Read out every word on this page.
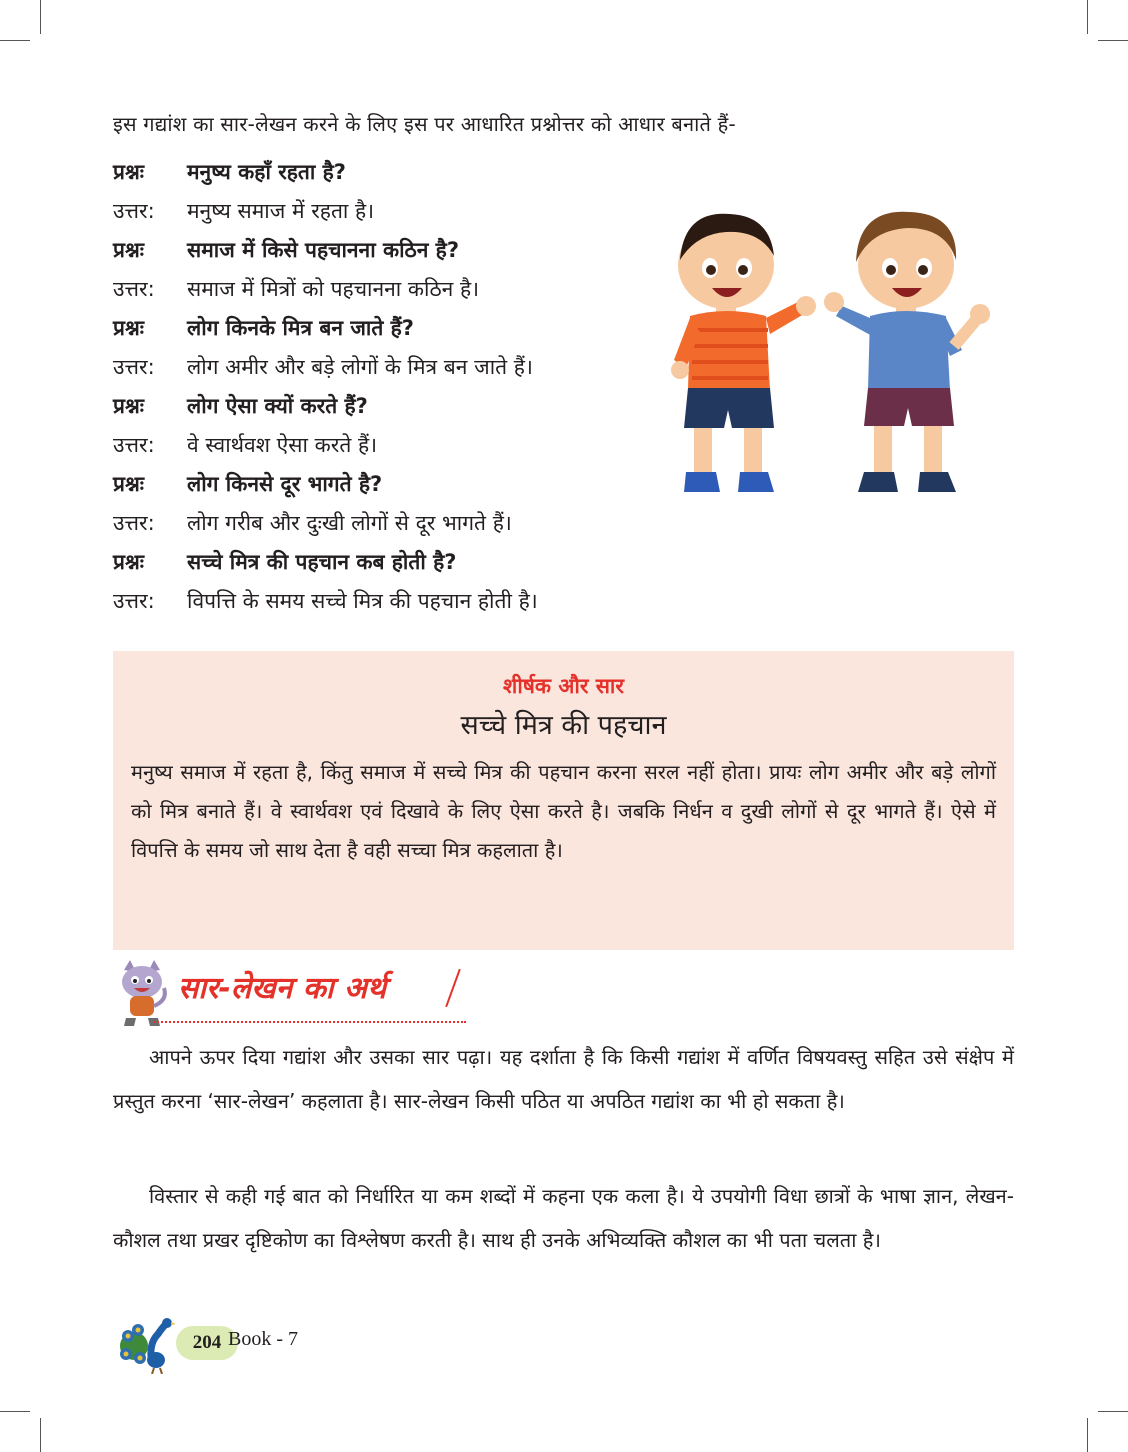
इस गद्यांश का सार-लेखन करने के लिए इस पर आधारित प्रश्नोत्तर को आधार बनाते हैं-
प्रश्नः	मनुष्य कहाँ रहता है?
उत्तर:	मनुष्य समाज में रहता है।
प्रश्नः	समाज में किसे पहचानना कठिन है?
उत्तर:	समाज में मित्रों को पहचानना कठिन है।
प्रश्नः	लोग किनके मित्र बन जाते हैं?
उत्तर:	लोग अमीर और बड़े लोगों के मित्र बन जाते हैं।
प्रश्नः	लोग ऐसा क्यों करते हैं?
उत्तर:	वे स्वार्थवश ऐसा करते हैं।
प्रश्नः	लोग किनसे दूर भागते है?
उत्तर:	लोग गरीब और दुःखी लोगों से दूर भागते हैं।
प्रश्नः	सच्चे मित्र की पहचान कब होती है?
उत्तर:	विपत्ति के समय सच्चे मित्र की पहचान होती है।
शीर्षक और सार
सच्चे मित्र की पहचान
मनुष्य समाज में रहता है, किंतु समाज में सच्चे मित्र की पहचान करना सरल नहीं होता। प्रायः लोग अमीर और बड़े लोगों को मित्र बनाते हैं। वे स्वार्थवश एवं दिखावे के लिए ऐसा करते है। जबकि निर्धन व दुखी लोगों से दूर भागते हैं। ऐसे में विपत्ति के समय जो साथ देता है वही सच्चा मित्र कहलाता है।
सार-लेखन का अर्थ

आपने ऊपर दिया गद्यांश और उसका सार पढ़ा। यह दर्शाता है कि किसी गद्यांश में वर्णित विषयवस्तु सहित उसे संक्षेप में प्रस्तुत करना ‘सार-लेखन’ कहलाता है। सार-लेखन किसी पठित या अपठित गद्यांश का भी हो सकता है।

विस्तार से कही गई बात को निर्धारित या कम शब्दों में कहना एक कला है। ये उपयोगी विधा छात्रों के भाषा ज्ञान, लेखन-कौशल तथा प्रखर दृष्टिकोण का विश्लेषण करती है। साथ ही उनके अभिव्यक्ति कौशल का भी पता चलता है।

204 Book - 7
